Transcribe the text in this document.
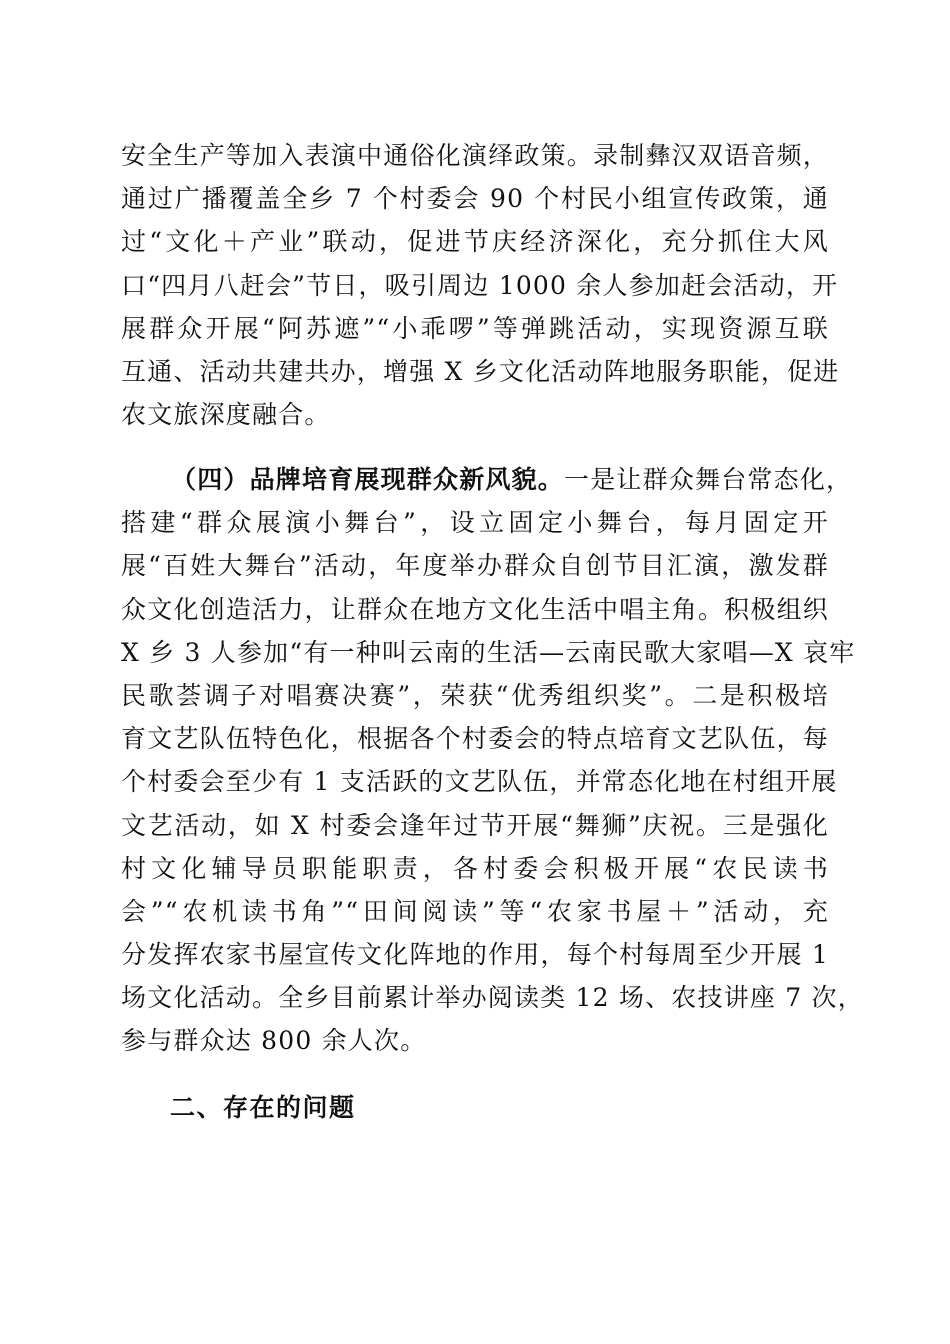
安全生产等加入表演中通俗化演绎政策。录制彝汉双语音频，
通过广播覆盖全乡 7 个村委会 90 个村民小组宣传政策，通
过“文化＋产业”联动，促进节庆经济深化，充分抓住大风
口“四月八赶会”节日，吸引周边 1000 余人参加赶会活动，开
展群众开展“阿苏遮”“小乖啰”等弹跳活动，实现资源互联
互通、活动共建共办，增强 X 乡文化活动阵地服务职能，促进
农文旅深度融合。
（四）品牌培育展现群众新风貌。一是让群众舞台常态化，
搭建“群众展演小舞台”，设立固定小舞台，每月固定开
展“百姓大舞台”活动，年度举办群众自创节目汇演，激发群
众文化创造活力，让群众在地方文化生活中唱主角。积极组织
X 乡 3 人参加“有一种叫云南的生活—云南民歌大家唱—X 哀牢
民歌荟调子对唱赛决赛”，荣获“优秀组织奖”。二是积极培
育文艺队伍特色化，根据各个村委会的特点培育文艺队伍，每
个村委会至少有 1 支活跃的文艺队伍，并常态化地在村组开展
文艺活动，如 X 村委会逢年过节开展“舞狮”庆祝。三是强化
村文化辅导员职能职责，各村委会积极开展“农民读书
会”“农机读书角”“田间阅读”等“农家书屋＋”活动，充
分发挥农家书屋宣传文化阵地的作用，每个村每周至少开展 1
场文化活动。全乡目前累计举办阅读类 12 场、农技讲座 7 次，
参与群众达 800 余人次。
二、存在的问题
